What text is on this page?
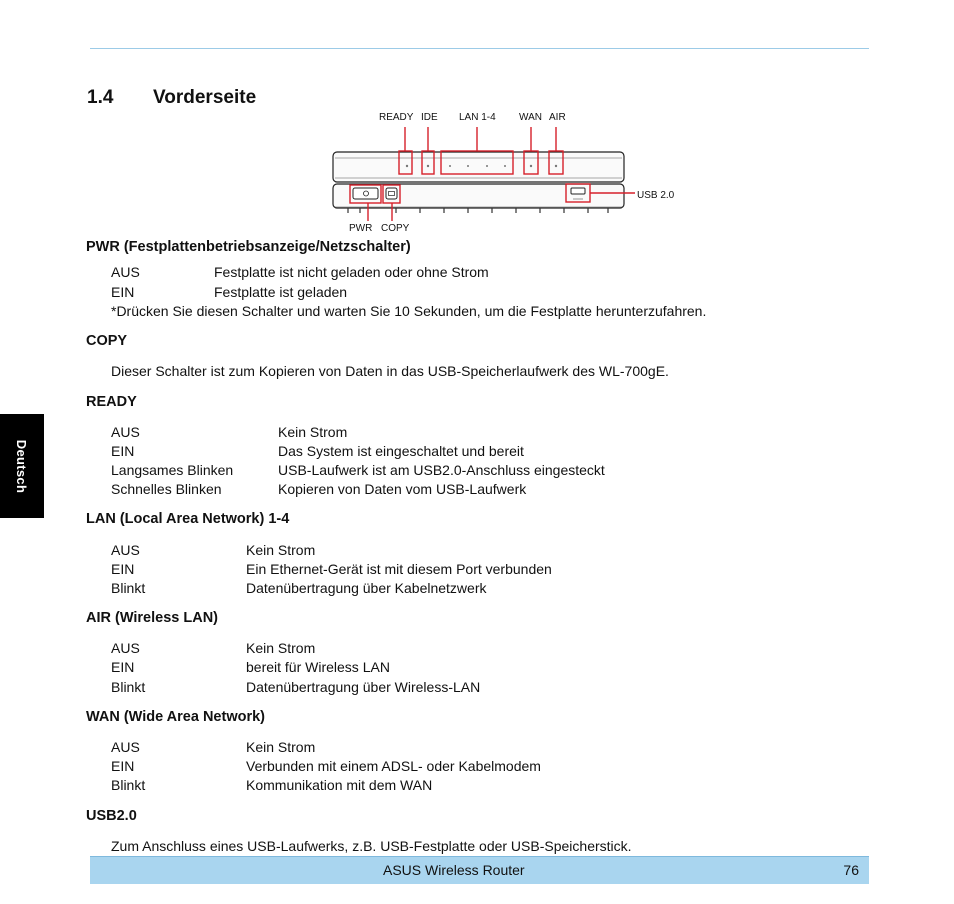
Deutsch
1.4 Vorderseite
READY IDE LAN 1-4 WAN AIR
USB 2.0
PWR COPY
PWR (Festplattenbetriebsanzeige/Netzschalter)
AUS	Festplatte ist nicht geladen oder ohne Strom
EIN	Festplatte ist geladen
*Drücken Sie diesen Schalter und warten Sie 10 Sekunden, um die Festplatte herunterzufahren.
COPY
Dieser Schalter ist zum Kopieren von Daten in das USB-Speicherlaufwerk des WL-700gE.
READY
AUS	Kein Strom
EIN	Das System ist eingeschaltet und bereit
Langsames Blinken	USB-Laufwerk ist am USB2.0-Anschluss eingesteckt
Schnelles Blinken	Kopieren von Daten vom USB-Laufwerk
LAN (Local Area Network) 1-4
AUS	Kein Strom
EIN	Ein Ethernet-Gerät ist mit diesem Port verbunden
Blinkt	Datenübertragung über Kabelnetzwerk
AIR (Wireless LAN)
AUS	Kein Strom
EIN	bereit für Wireless LAN
Blinkt	Datenübertragung über Wireless-LAN
WAN (Wide Area Network)
AUS	Kein Strom
EIN	Verbunden mit einem ADSL- oder Kabelmodem
Blinkt	Kommunikation mit dem WAN
USB2.0
Zum Anschluss eines USB-Laufwerks, z.B. USB-Festplatte oder USB-Speicherstick.
ASUS Wireless Router	76
